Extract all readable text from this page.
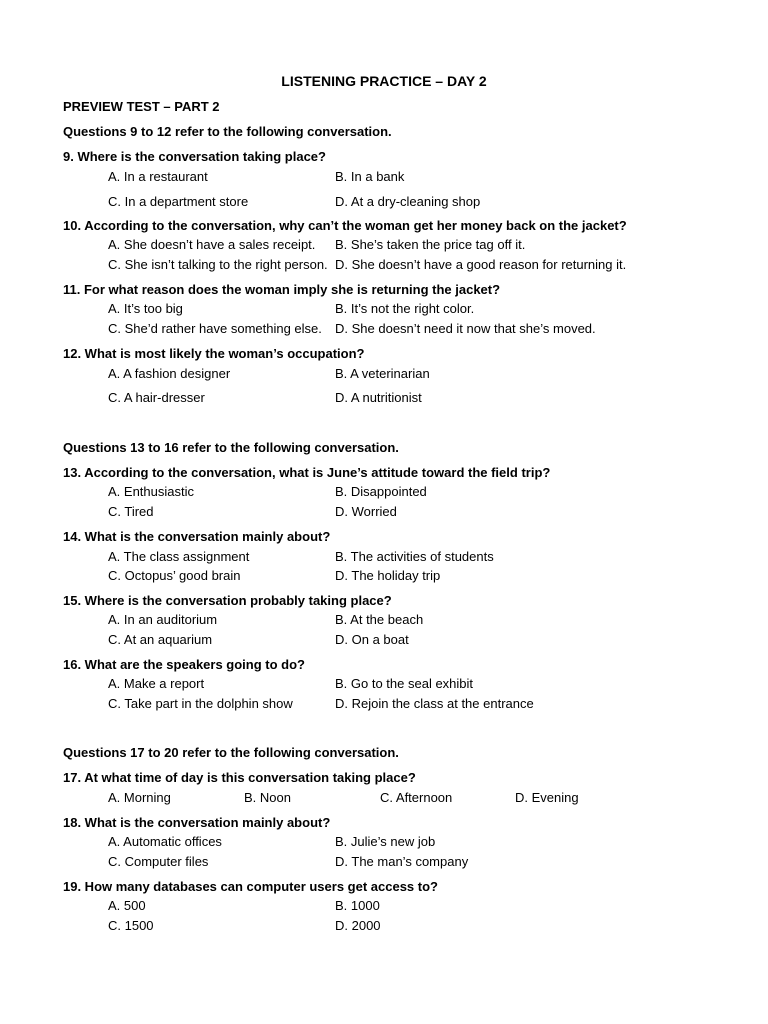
LISTENING PRACTICE – DAY 2
PREVIEW TEST – PART 2
Questions 9 to 12 refer to the following conversation.
9. Where is the conversation taking place?
A. In a restaurant	B. In a bank
C. In a department store	D. At a dry-cleaning shop
10. According to the conversation, why can’t the woman get her money back on the jacket?
A. She doesn’t have a sales receipt. B. She’s taken the price tag off it.
C. She isn’t talking to the right person. D. She doesn’t have a good reason for returning it.
11. For what reason does the woman imply she is returning the jacket?
A. It’s too big	B. It’s not the right color.
C. She’d rather have something else. D. She doesn’t need it now that she’s moved.
12. What is most likely the woman’s occupation?
A. A fashion designer	B. A veterinarian
C. A hair-dresser	D. A nutritionist
Questions 13 to 16 refer to the following conversation.
13. According to the conversation, what is June’s attitude toward the field trip?
A. Enthusiastic	B. Disappointed
C. Tired	D. Worried
14. What is the conversation mainly about?
A. The class assignment	B. The activities of students
C. Octopus’ good brain	D. The holiday trip
15. Where is the conversation probably taking place?
A. In an auditorium	B. At the beach
C. At an aquarium	D. On a boat
16. What are the speakers going to do?
A. Make a report	B. Go to the seal exhibit
C. Take part in the dolphin show	D. Rejoin the class at the entrance
Questions 17 to 20 refer to the following conversation.
17. At what time of day is this conversation taking place?
A. Morning	B. Noon	C. Afternoon	D. Evening
18. What is the conversation mainly about?
A. Automatic offices	B. Julie’s new job
C. Computer files	D. The man’s company
19. How many databases can computer users get access to?
A. 500	B. 1000
C. 1500	D. 2000
